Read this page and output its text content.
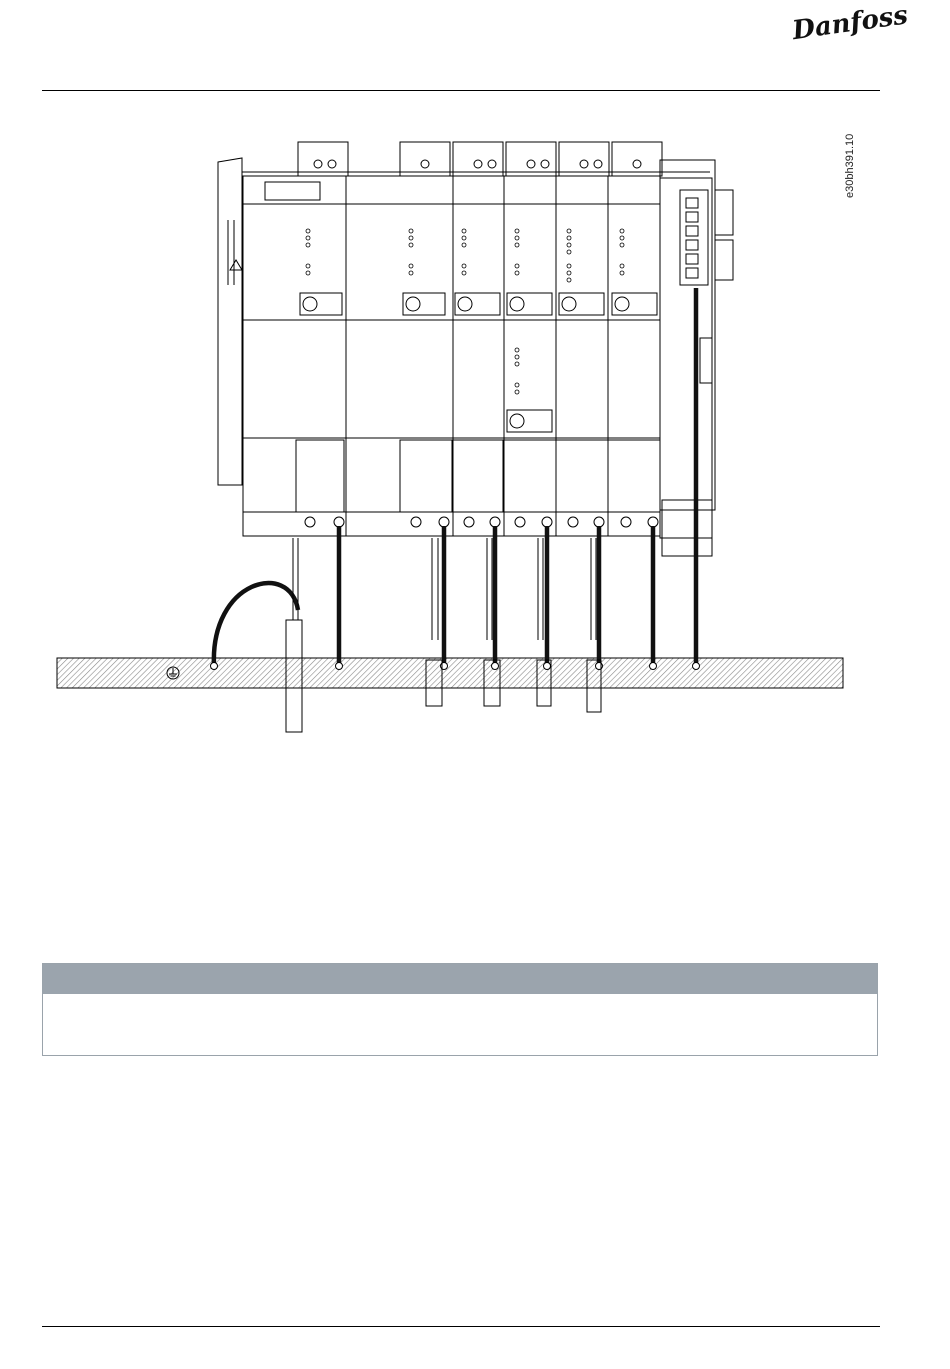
Danfoss
e30bh391.10
